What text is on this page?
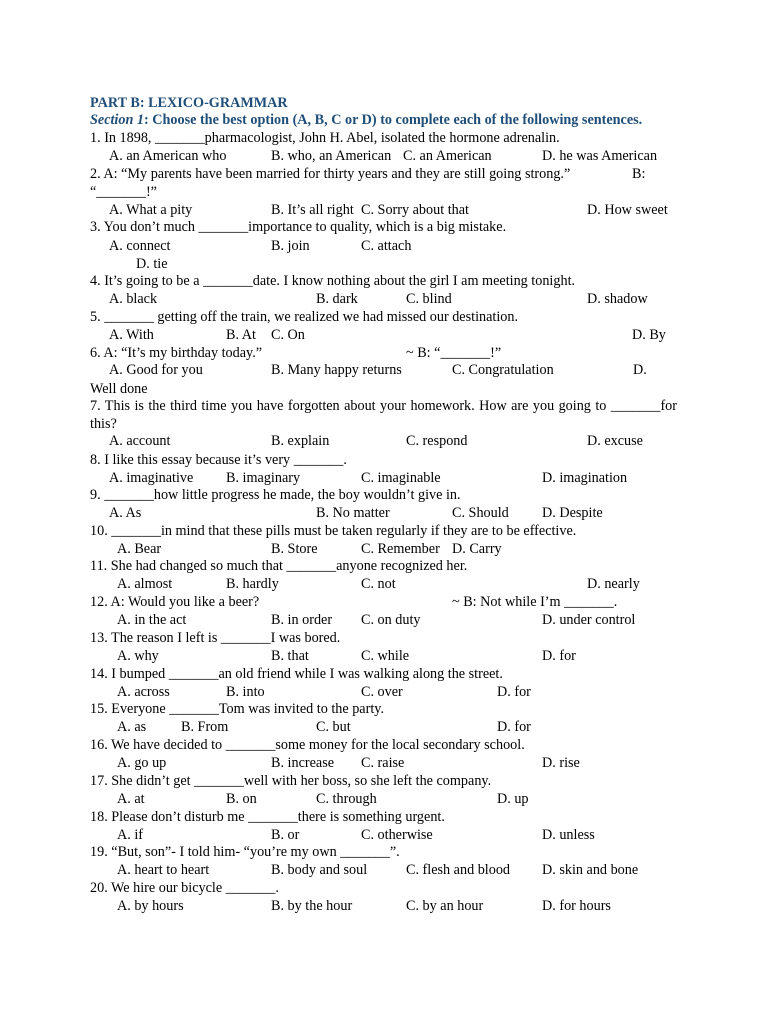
PART B: LEXICO-GRAMMAR
Section 1: Choose the best option (A, B, C or D) to complete each of the following sentences.
1. In 1898, _______pharmacologist, John H. Abel, isolated the hormone adrenalin.
A. an American who	B. who, an American C. an American	D. he was American
2. A: “My parents have been married for thirty years and they are still going strong.”	B:
“_______!”
A. What a pity	B. It’s all right C. Sorry about that	D. How sweet
3. You don’t much _______importance to quality, which is a big mistake.
A. connect	B. join	C. attach
D. tie
4. It’s going to be a _______date. I know nothing about the girl I am meeting tonight.
A. black	B. dark	C. blind	D. shadow
5. _______ getting off the train, we realized we had missed our destination.
A. With	B. At C. On	D. By
6. A: “It’s my birthday today.”	~ B: “_______!”
A. Good for you	B. Many happy returns	C. Congratulation	D.
Well done
7. This is the third time you have forgotten about your homework. How are you going to _______for this?
A. account	B. explain	C. respond	D. excuse
8. I like this essay because it’s very _______.
A. imaginative B. imaginary	C. imaginable	D. imagination
9. _______how little progress he made, the boy wouldn’t give in.
A. As	B. No matter	C. Should D. Despite
10. _______in mind that these pills must be taken regularly if they are to be effective.
A. Bear	B. Store	C. Remember D. Carry
11. She had changed so much that _______anyone recognized her.
A. almost	B. hardly	C. not	D. nearly
12. A: Would you like a beer?	~ B: Not while I’m _______.
A. in the act	B. in order C. on duty	D. under control
13. The reason I left is _______I was bored.
A. why	B. that	C. while	D. for
14. I bumped _______an old friend while I was walking along the street.
A. across	B. into	C. over	D. for
15. Everyone _______Tom was invited to the party.
A. as B. From	C. but	D. for
16. We have decided to _______some money for the local secondary school.
A. go up	B. increase C. raise	D. rise
17. She didn’t get _______well with her boss, so she left the company.
A. at	B. on	C. through	D. up
18. Please don’t disturb me _______there is something urgent.
A. if	B. or	C. otherwise	D. unless
19. “But, son”- I told him- “you’re my own _______”.
A. heart to heart	B. body and soul	C. flesh and blood D. skin and bone
20. We hire our bicycle _______.
A. by hours	B. by the hour	C. by an hour	D. for hours
